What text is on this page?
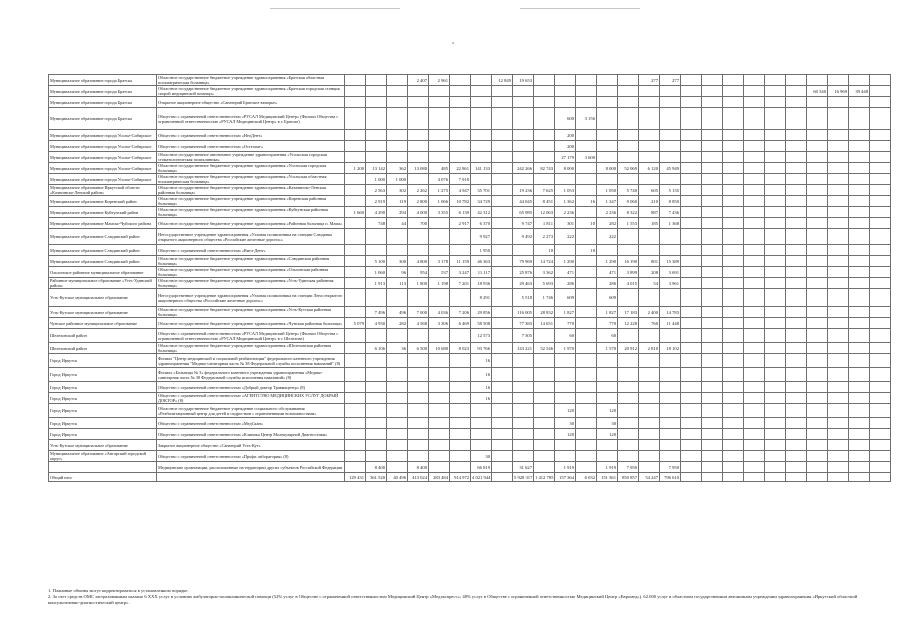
°
Муниципальное образование города Братска	Областное государственное бюджетное учреждение здравоохранения «Братская областная психиатрическая больница»				2 407	2 961			12 849	19 653						277	277										
Муниципальное образование города Братска	Областное государственное бюджетное учреждение здравоохранения «Братская городская станция скорой медицинской помощи»																							60 340	16 969	39 448	
Муниципальное образование города Братска	Открытое акционерное общество «Санаторий Братское взморье»																										
Муниципальное образование города Братска	Общество с ограниченной ответственностью «РУСАЛ Медицинский Центр» (Филиал Общества с ограниченной ответственностью «РУСАЛ Медицинский Центр» в г. Братске)											600	3 156														
Муниципальное образование города Усолье-Сибирское	Общество с ограниченной ответственностью «НеоДент»											200															
Муниципальное образование города Усолье-Сибирское	Общество с ограниченной ответственностью «Остеопат»											200															
Муниципальное образование города Усолье-Сибирское	Областное государственное автономное учреждение здравоохранения «Усольская городская стоматологическая поликлиника»											27 179	3 600														
Муниципальное образование города Усолье-Сибирское	Областное государственное бюджетное учреждение здравоохранения «Усольская городская больница»	1 200	13 142	362	13 080	485	22 861	141 133		242 266	82 743	8 000		8 000	52 069	6 120	45 949										
Муниципальное образование города Усолье-Сибирское	Областное государственное бюджетное учреждение здравоохранения «Усольская областная психиатрическая больница»		1 000	1 000		4 076	7 918																				
Муниципальное образование Иркутской области «Казачинско-Ленский район»	Областное государственное бюджетное учреждение здравоохранения «Казачинско-Ленская районная больница»		2 563	302	2 262	1 275	4 947	35 701		19 236	7 625	1 053		1 050	5 740	605	5 135										
Муниципальное образование Киренский район	Областное государственное бюджетное учреждение здравоохранения «Киренская районная больница»		2 919	119	2 800	1 066	10 782	34 729		44 045	8 451	1 362	16	1 347	9 060	210	8 850										
Муниципальное образование Куйтунский район	Областное государственное бюджетное учреждение здравоохранения «Куйтунская районная больница»	1 660	4 290	294	4 000	3 355	6 139	42 312		65 985	12 063	2 236		2 236	8 322	887	7 436										
Муниципальное образование Мамско-Чуйского района	Областное государственное бюджетное учреждение здравоохранения «Районная больница п. Мама»		748	44	700		2 917	6 370		9 747	1 811	301	10	282	1 553	185	1 368										
Муниципальное образование Слюдянский район	Негосударственное учреждение здравоохранения «Узловая поликлиника на станции Слюдянка открытого акционерного общества «Российские железные дороги»»							9 927		9 492	2 273	222		222													
Муниципальное образование Слюдянский район	Общество с ограниченной ответственностью «Витл-Дент»							1 950			10		10														
Муниципальное образование Слюдянский район	Областное государственное бюджетное учреждение здравоохранения «Слюдянская районная больница»		5 100	300	4 800	3 178	11 159	46 363		79 969	14 724	1 290		1 290	16 190	801	15 389										
Ольхонское районное муниципальное образование	Областное государственное бюджетное учреждение здравоохранения «Ольхонская районная больница»		1 060	96	954	537	3 247	11 117		25 876	3 362	471		471	3 899	208	3 691										
Районное муниципальное образование «Усть-Удинский район»	Областное государственное бюджетное учреждение здравоохранения «Усть-Удинская районная больница»		1 913	113	1 800	1 198	7 201	18 936		29 463	5 693	286		286	4 015	54	3 961										
Усть-Кутское муниципальное образование	Негосударственное учреждение здравоохранения «Узловая поликлиника на станции Лена открытого акционерного общества «Российские железные дороги»»							8 291		5 518	1 746	609		609													
Усть-Кутское муниципальное образование	Областное государственное бюджетное учреждение здравоохранения «Усть-Кутская районная больница»		7 496	496	7 000	4 036	7 206	29 856		116 005	28 832	1 827		1 827	17 183	2 400	14 783										
Чунское районное муниципальное образование	Областное государственное бюджетное учреждение здравоохранения «Чунская районная больница»	5 079	4 930	282	4 568	3 306	6 469	58 508		77 383	14 651	770		770	12 228	760	11 448										
Шелеховский район	Общество с ограниченной ответственностью «РУСАЛ Медицинский Центр» (Филиал Общества с ограниченной ответственностью «РУСАЛ Медицинский Центр» в г. Шелехове)							12 573		7 305		60		60													
Шелеховский район	Областное государственное бюджетное учреждение здравоохранения «Шелеховская районная больница»		6 106	36	6 500	10 680	8 023	93 766		143 221	52 546	1 970		1 570	20 912	2 810	18 102										
Город Иркутск	Филиал "Центр медицинской и социальной реабилитации" федерального казенного учреждения здравоохранения "Медико-санитарная часть № 38 Федеральной службы исполнения наказаний" (8)							16																			
Город Иркутск	Филиал «Больница № 3» федерального казенного учреждения здравоохранения «Медико-санитарная часть № 38 Федеральной службы исполнения наказаний» (8)							16																			
Город Иркутск	Общество с ограниченной ответственностью «Добрый доктор Травмацентр» (8)							16																			
Город Иркутск	Общество с ограниченной ответственностью «АГЕНТСТВО МЕДИЦИНСКИХ УСЛУГ ДОБРЫЙ ДОКТОР» (8)							16																			
Город Иркутск	Областное государственное бюджетное учреждение социального обслуживания «Реабилитационный центр для детей и подростков с ограниченными возможностями»											120		120													
Город Иркутск	Общество с ограниченной ответственностью «МедСкан»											30		30													
Город Иркутск	Общество с ограниченной ответственностью «Клиника Центр Молекулярной Диагностики»											120		120													
Усть-Кутское муниципальное образование	Закрытое акционерное общество «Санаторий Усть-Кут»																										
Муниципальное образование «Ангарский городской округ»	Общество с ограниченной ответственностью «Профи лаборатория» (8)							30																			
	Медицинские организации, расположенные на территории других субъектов Российской Федерации		8 400		8 400			66 819		31 627		1 919		1 919	7 950		7 950										
Общий итог		129 431	361 520	40 496	413 024	283 484	914 972	4 021 944		5 928 317	1 412 785	157 364	6 032	151 361	850 857	54 247	796 610										
1. Плановые объемы могут корректироваться в установленном порядке.
2. За счет средств ОМС застрахованным оказано 6 ХХХ услуг в условиях амбулаторно-поликлинической помощи (52% услуг в Обществе с ограниченной ответственностью Медицинский Центр «Медэкспресс»; 48% услуг в Обществе с ограниченной ответственностью Медицинский Центр «Евромед»). 62.000 услуг в областном государственном автономном учреждении здравоохранения «Иркутский областной консультативно-диагностический центр».
